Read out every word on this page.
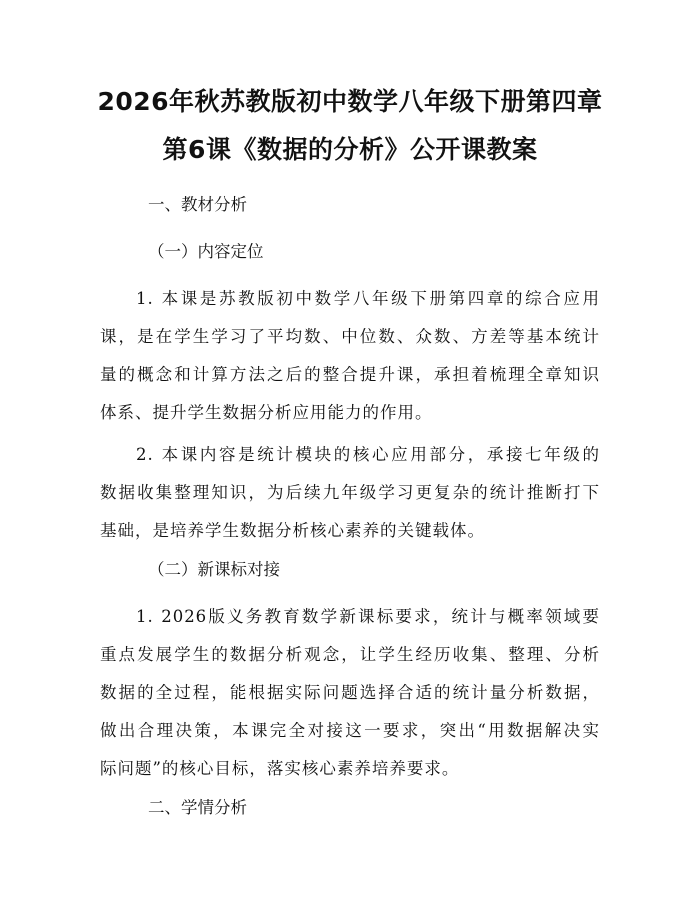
2026年秋苏教版初中数学八年级下册第四章
第6课《数据的分析》公开课教案
一、教材分析
（一）内容定位
1. 本课是苏教版初中数学八年级下册第四章的综合应用
课，是在学生学习了平均数、中位数、众数、方差等基本统计
量的概念和计算方法之后的整合提升课，承担着梳理全章知识
体系、提升学生数据分析应用能力的作用。
2. 本课内容是统计模块的核心应用部分，承接七年级的
数据收集整理知识，为后续九年级学习更复杂的统计推断打下
基础，是培养学生数据分析核心素养的关键载体。
（二）新课标对接
1. 2026版义务教育数学新课标要求，统计与概率领域要
重点发展学生的数据分析观念，让学生经历收集、整理、分析
数据的全过程，能根据实际问题选择合适的统计量分析数据，
做出合理决策，本课完全对接这一要求，突出“用数据解决实
际问题”的核心目标，落实核心素养培养要求。
二、学情分析
